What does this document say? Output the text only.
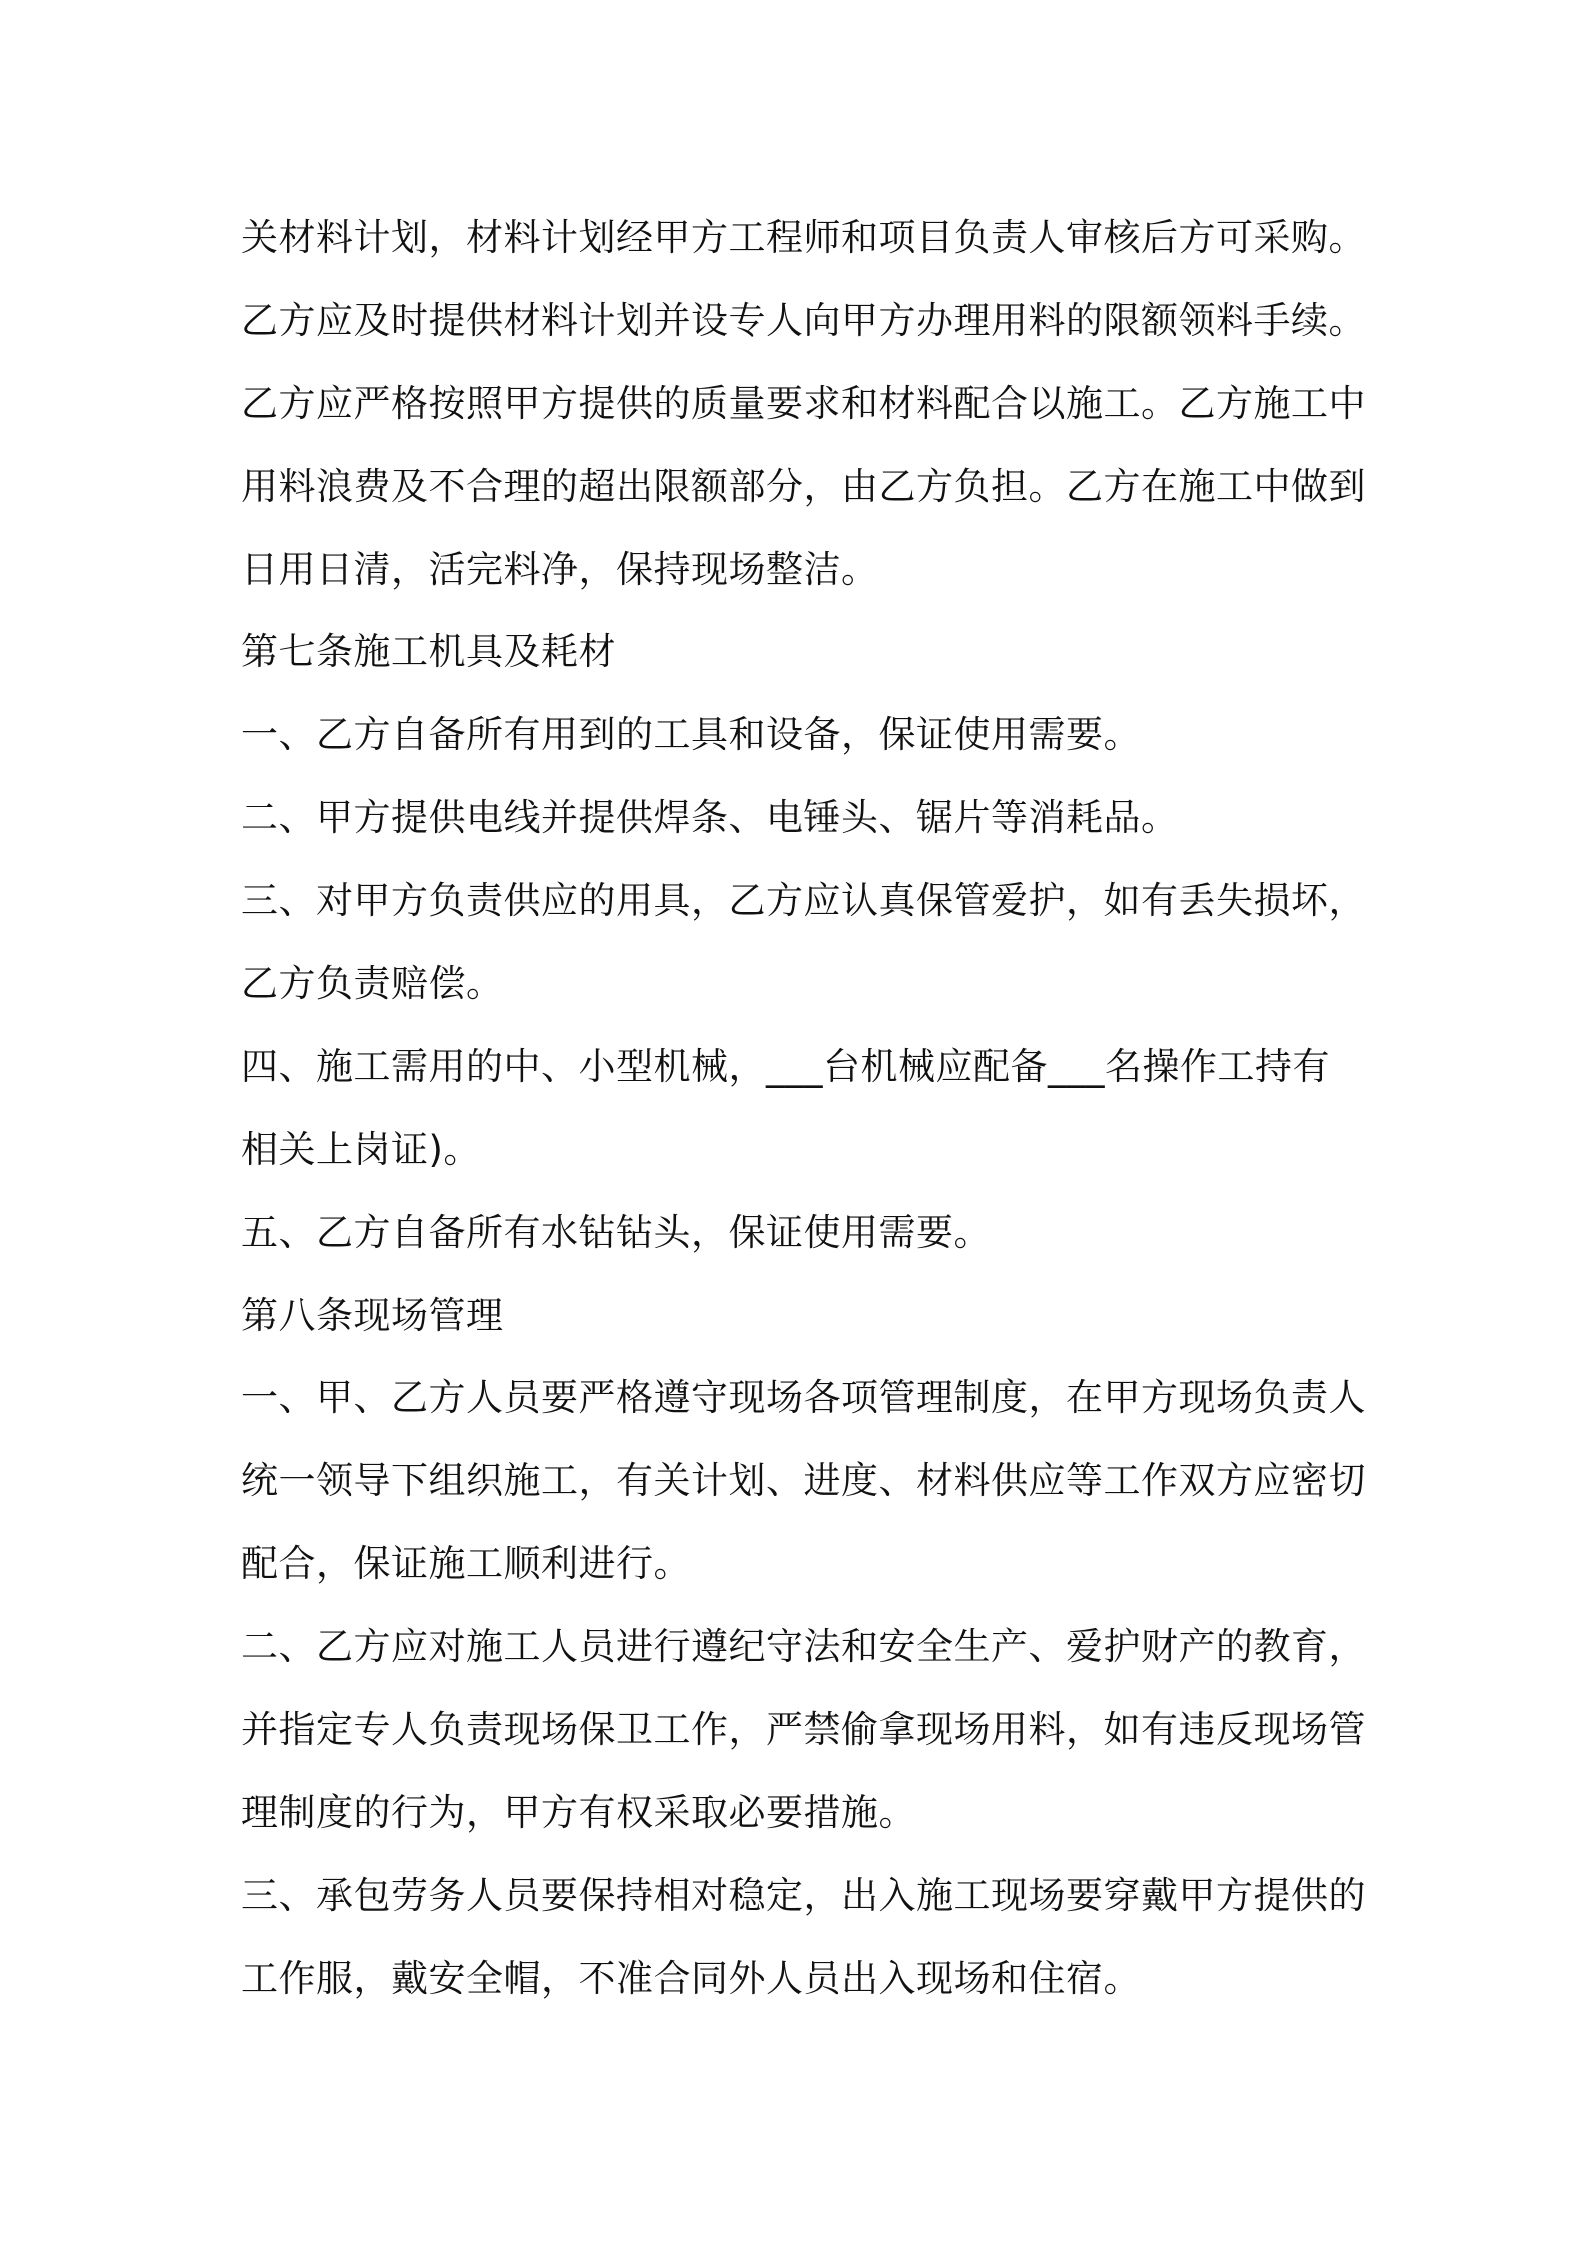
关材料计划，材料计划经甲方工程师和项目负责人审核后方可采购。
乙方应及时提供材料计划并设专人向甲方办理用料的限额领料手续。
乙方应严格按照甲方提供的质量要求和材料配合以施工。乙方施工中
用料浪费及不合理的超出限额部分，由乙方负担。乙方在施工中做到
日用日清，活完料净，保持现场整洁。

第七条施工机具及耗材

一、乙方自备所有用到的工具和设备，保证使用需要。

二、甲方提供电线并提供焊条、电锤头、锯片等消耗品。

三、对甲方负责供应的用具，乙方应认真保管爱护，如有丢失损坏，
乙方负责赔偿。

四、施工需用的中、小型机械，___台机械应配备___名操作工持有
相关上岗证)。

五、乙方自备所有水钻钻头，保证使用需要。

第八条现场管理

一、甲、乙方人员要严格遵守现场各项管理制度，在甲方现场负责人
统一领导下组织施工，有关计划、进度、材料供应等工作双方应密切
配合，保证施工顺利进行。

二、乙方应对施工人员进行遵纪守法和安全生产、爱护财产的教育，
并指定专人负责现场保卫工作，严禁偷拿现场用料，如有违反现场管
理制度的行为，甲方有权采取必要措施。

三、承包劳务人员要保持相对稳定，出入施工现场要穿戴甲方提供的
工作服，戴安全帽，不准合同外人员出入现场和住宿。
